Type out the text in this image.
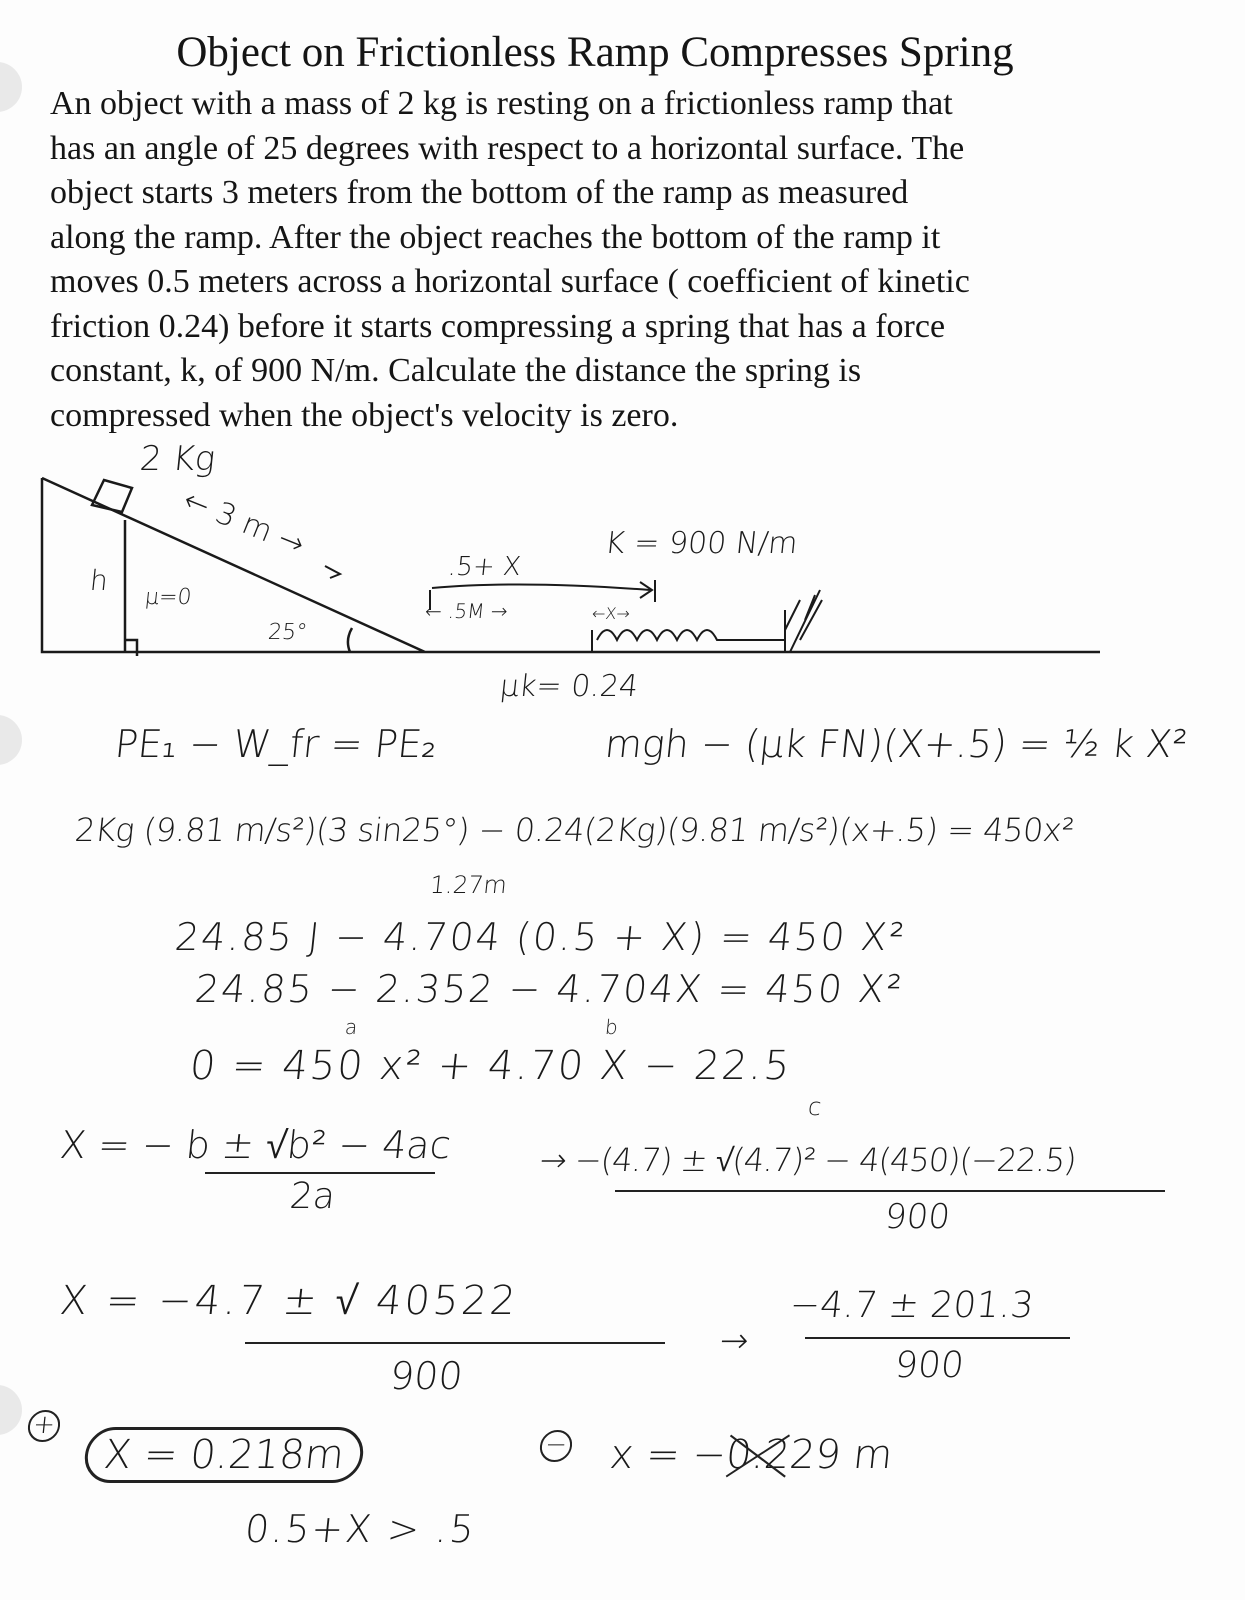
Object on Frictionless Ramp Compresses Spring
An object with a mass of 2 kg is resting on a frictionless ramp that
has an angle of 25 degrees with respect to a horizontal surface. The
object starts 3 meters from the bottom of the ramp as measured
along the ramp. After the object reaches the bottom of the ramp it
moves 0.5 meters across a horizontal surface ( coefficient of kinetic
friction 0.24) before it starts compressing a spring that has a force
constant, k, of 900 N/m. Calculate the distance the spring is
compressed when the object's velocity is zero.
2 Kg
← 3 m →
h
μ=0
25°
.5+ X
K = 900 N/m
← .5M →	←X→
μk= 0.24
PE₁ − W_fr = PE₂	mgh − (μk FN)(X+.5) = ½ k X²
2Kg (9.81 m/s²)(3 sin25°) − 0.24(2Kg)(9.81 m/s²)(x+.5) = 450x²
1.27m
24.85 J − 4.704 (0.5 + X) = 450 X²
24.85 − 2.352 − 4.704X = 450 X²
a	b
0 = 450 x² + 4.70 X − 22.5
c
X = − b ± √b² − 4ac
2a
→ −(4.7) ± √(4.7)² − 4(450)(−22.5)
900
X = −4.7 ± √ 40522
900
→
−4.7 ± 201.3
900
+
X = 0.218m	− x = −0.229 m
0.5+X > .5
